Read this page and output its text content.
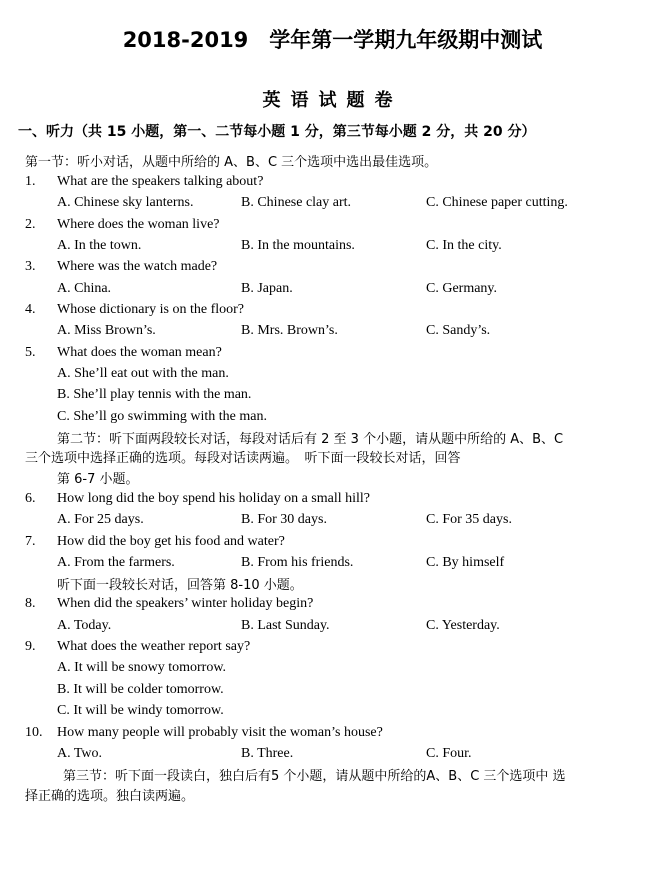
2018-2019　学年第一学期九年级期中测试
英语试题卷
一、听力（共 15 小题，第一、二节每小题 1 分，第三节每小题 2 分，共 20 分）
第一节：听小对话，从题中所给的 A、B、C 三个选项中选出最佳选项。
1. What are the speakers talking about?
A. Chinese sky lanterns.	B. Chinese clay art.	C. Chinese paper cutting.
2. Where does the woman live?
A. In the town.	B. In the mountains.	C. In the city.
3. Where was the watch made?
A. China.	B. Japan.	C. Germany.
4. Whose dictionary is on the floor?
A. Miss Brown’s.	B. Mrs. Brown’s.	C. Sandy’s.
5. What does the woman mean?
A. She’ll eat out with the man.
B. She’ll play tennis with the man.
C. She’ll go swimming with the man.
第二节：听下面两段较长对话，每段对话后有 2 至 3 个小题，请从题中所给的 A、B、C
三个选项中选择正确的选项。每段对话读两遍。　听下面一段较长对话，回答
第 6-7 小题。
6. How long did the boy spend his holiday on a small hill?
A. For 25 days.	B. For 30 days.	C. For 35 days.
7. How did the boy get his food and water?
A. From the farmers.	B. From his friends.	C. By himself
听下面一段较长对话，回答第 8-10 小题。
8. When did the speakers’ winter holiday begin?
A. Today.	B. Last Sunday.	C. Yesterday.
9. What does the weather report say?
A. It will be snowy tomorrow.
B. It will be colder tomorrow.
C. It will be windy tomorrow.
10. How many people will probably visit the woman’s house?
A. Two.	B. Three.	C. Four.
第三节：听下面一段读白，独白后有5 个小题，请从题中所给的A、B、C 三个选项中 选
择正确的选项。独白读两遍。
